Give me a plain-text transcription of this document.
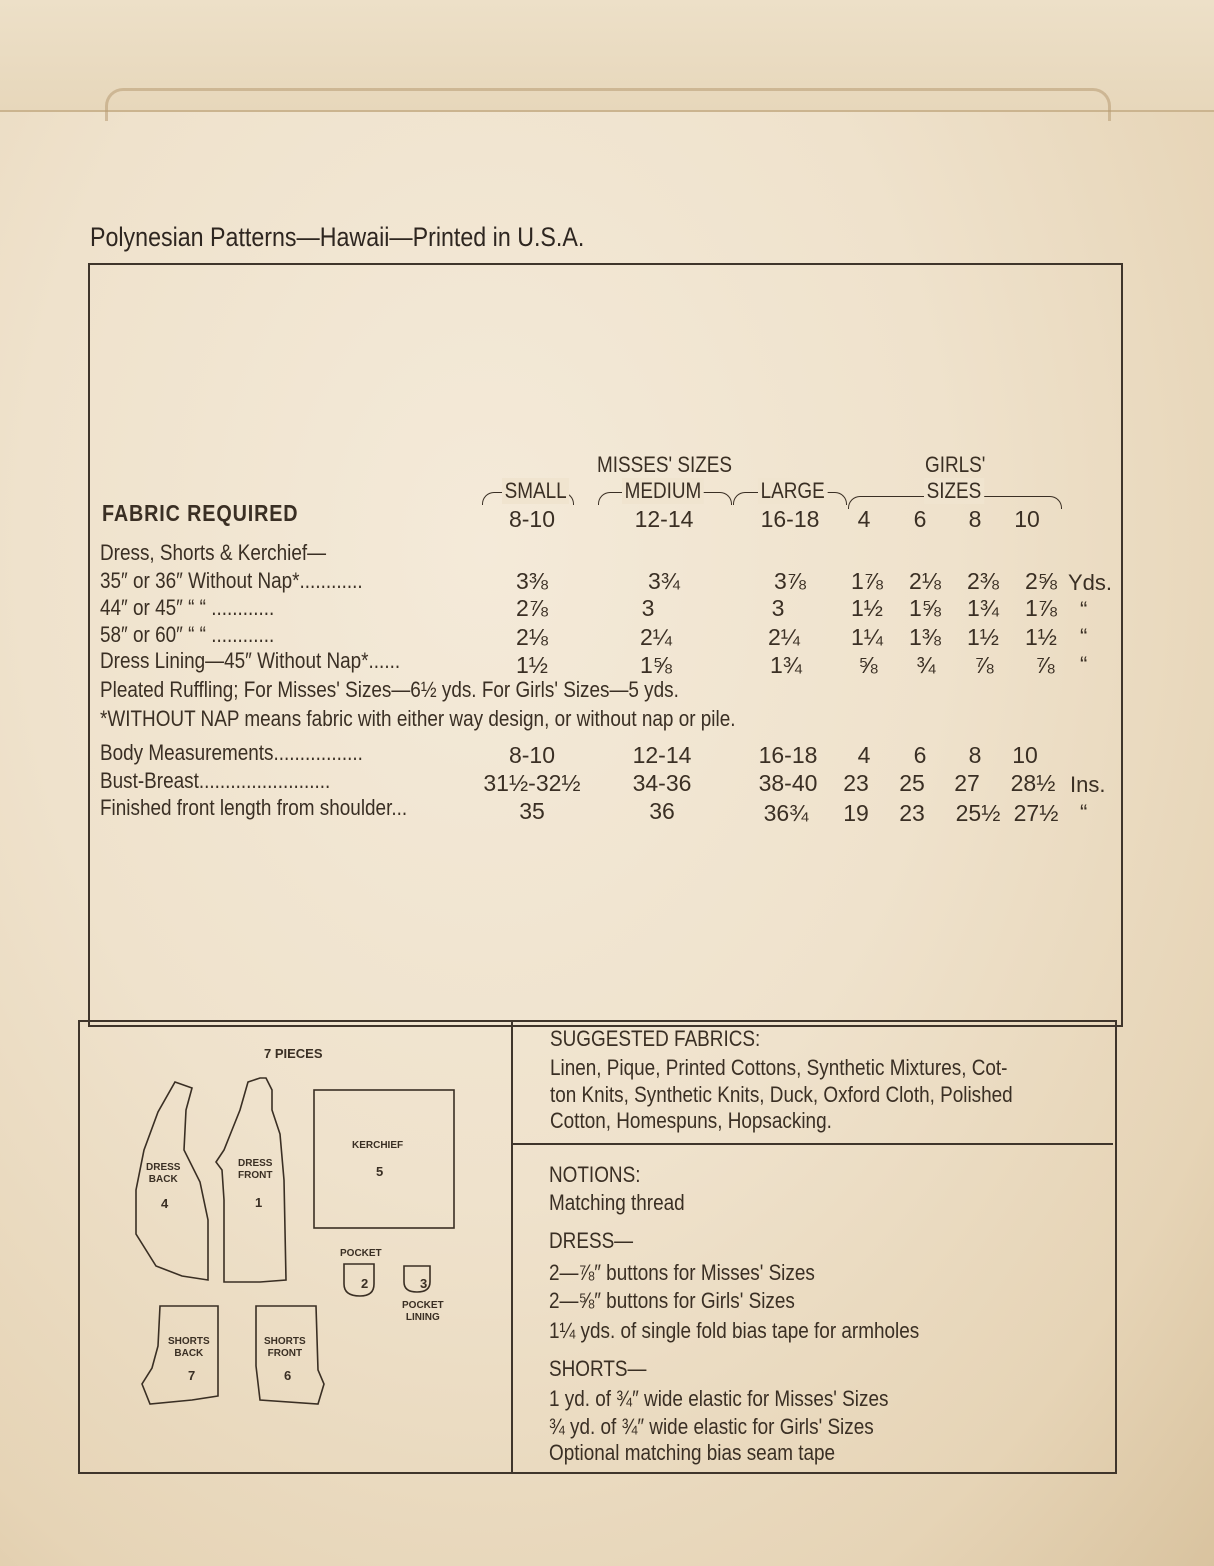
Polynesian Patterns—Hawaii—Printed in U.S.A.
MISSES' SIZES	GIRLS'
SMALL	MEDIUM	LARGE	SIZES
FABRIC REQUIRED	8-10	12-14	16-18	4	6	8	10
Dress, Shorts & Kerchief—
35″ or 36″ Without Nap*............	3⅜	3¾	3⅞	1⅞	2⅛	2⅜	2⅝ Yds.
44″ or 45″ “ “ ............	2⅞	3	3	1½	1⅝	1¾	1⅞	“
58″ or 60″ “ “ ............	2⅛	2¼	2¼	1¼	1⅜	1½	1½	“
Dress Lining—45″ Without Nap*......	1½	1⅝	1¾	⅝	¾	⅞	⅞	“
Pleated Ruffling; For Misses' Sizes—6½ yds. For Girls' Sizes—5 yds.
*WITHOUT NAP means fabric with either way design, or without nap or pile.
Body Measurements.................	8-10	12-14	16-18	4	6	8	10
Bust-Breast.........................	31½-32½	34-36	38-40	23	25	27	28½ Ins.
Finished front length from shoulder...	35	36	36¾	19	23	25½ 27½ “
7 PIECES
DRESS
BACK
4
DRESS
FRONT
1
KERCHIEF
5
POCKET
2	3
POCKET
LINING
SHORTS
BACK
7
SHORTS
FRONT
6
SUGGESTED FABRICS:
Linen, Pique, Printed Cottons, Synthetic Mixtures, Cot-
ton Knits, Synthetic Knits, Duck, Oxford Cloth, Polished
Cotton, Homespuns, Hopsacking.
NOTIONS:
Matching thread
DRESS—
2—⅞″ buttons for Misses' Sizes
2—⅝″ buttons for Girls' Sizes
1¼ yds. of single fold bias tape for armholes
SHORTS—
1 yd. of ¾″ wide elastic for Misses' Sizes
¾ yd. of ¾″ wide elastic for Girls' Sizes
Optional matching bias seam tape
